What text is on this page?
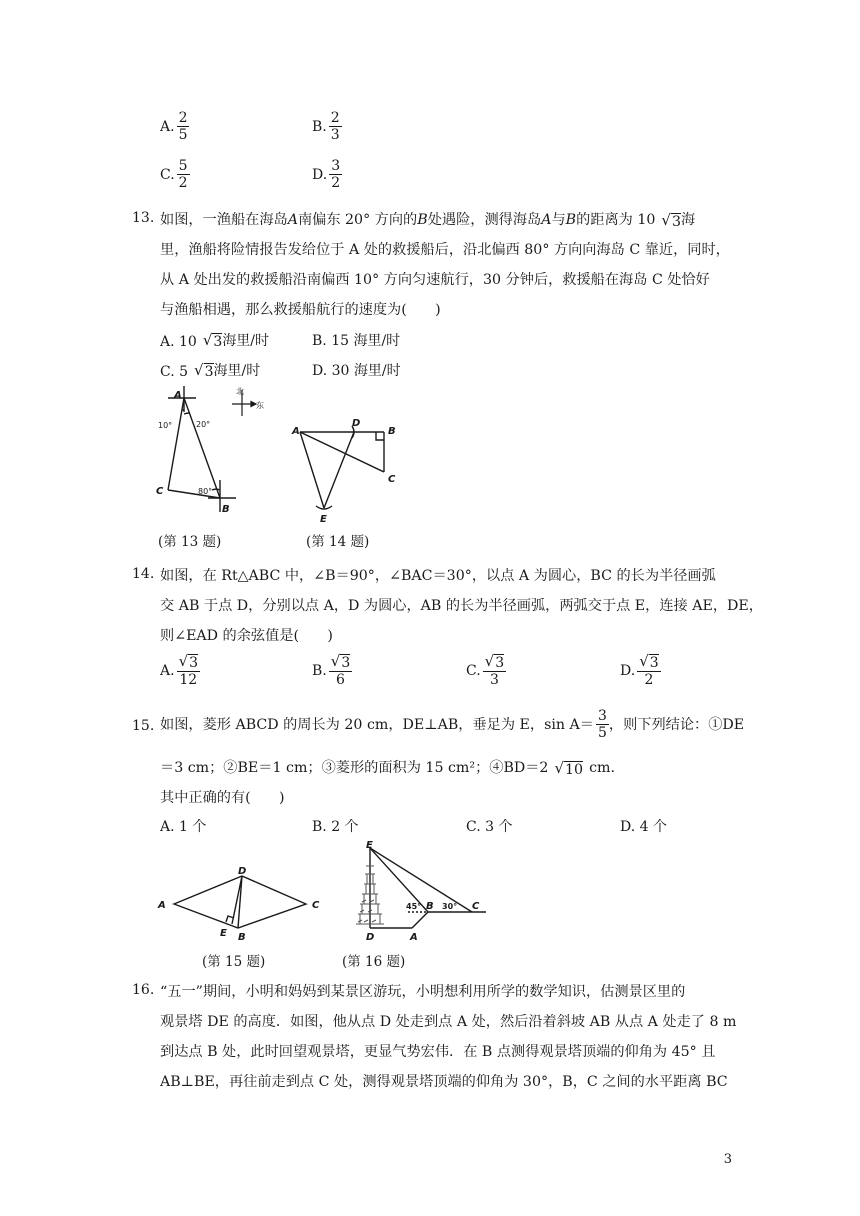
A. $\frac{2}{5}$	B. $\frac{2}{3}$
C. $\frac{5}{2}$	D. $\frac{3}{2}$
13. 如图，一渔船在海岛 A 南偏东 20° 方向的 B 处遇险，测得海岛 A 与 B 的距离为 10 √ 3 海
里，渔船将险情报告发给位于 A 处的救援船后，沿北偏西 80° 方向向海岛 C 靠近，同时，
从 A 处出发的救援船沿南偏西 10° 方向匀速航行，30 分钟后，救援船在海岛 C 处恰好
与渔船相遇，那么救援船航行的速度为(　　)
A. 10 √ 3 海里/时	B. 15 海里/时
C. 5 √ 3 海里/时	D. 30 海里/时
A
C
B
10°	20°
80°
北
东
(第 13 题)
A
D
B
C
E
(第 14 题)
14. 如图，在 Rt△ABC 中，∠B＝90°，∠BAC＝30°，以点 A 为圆心，BC 的长为半径画弧
交 AB 于点 D，分别以点 A，D 为圆心，AB 的长为半径画弧，两弧交于点 E，连接 AE，DE，
则∠EAD 的余弦值是(　　)
A. $\frac{√ 3}{12}$	B. $\frac{√ 3}{6}$	C. $\frac{√ 3}{3}$	D. $\frac{√ 3}{2}$
15. 如图，菱形 ABCD 的周长为 20 cm，DE⊥AB，垂足为 E，$\sin A= \frac{3}{5}$ ，则下列结论：①DE
＝3 cm；②BE＝1 cm；③菱形的面积为 15 cm²；④BD＝2 √ 10 cm.
其中正确的有(　　)
A. 1 个	B. 2 个	C. 3 个	D. 4 个
A
D
C
E B
(第 15 题)
E
D	A
B	C
45°	30°
(第 16 题)
16. “五一”期间，小明和妈妈到某景区游玩，小明想利用所学的数学知识，估测景区里的
观景塔 DE 的高度．如图，他从点 D 处走到点 A 处，然后沿着斜坡 AB 从点 A 处走了 8 m
到达点 B 处，此时回望观景塔，更显气势宏伟．在 B 点测得观景塔顶端的仰角为 45° 且
AB⊥BE，再往前走到点 C 处，测得观景塔顶端的仰角为 30°，B，C 之间的水平距离 BC
3
